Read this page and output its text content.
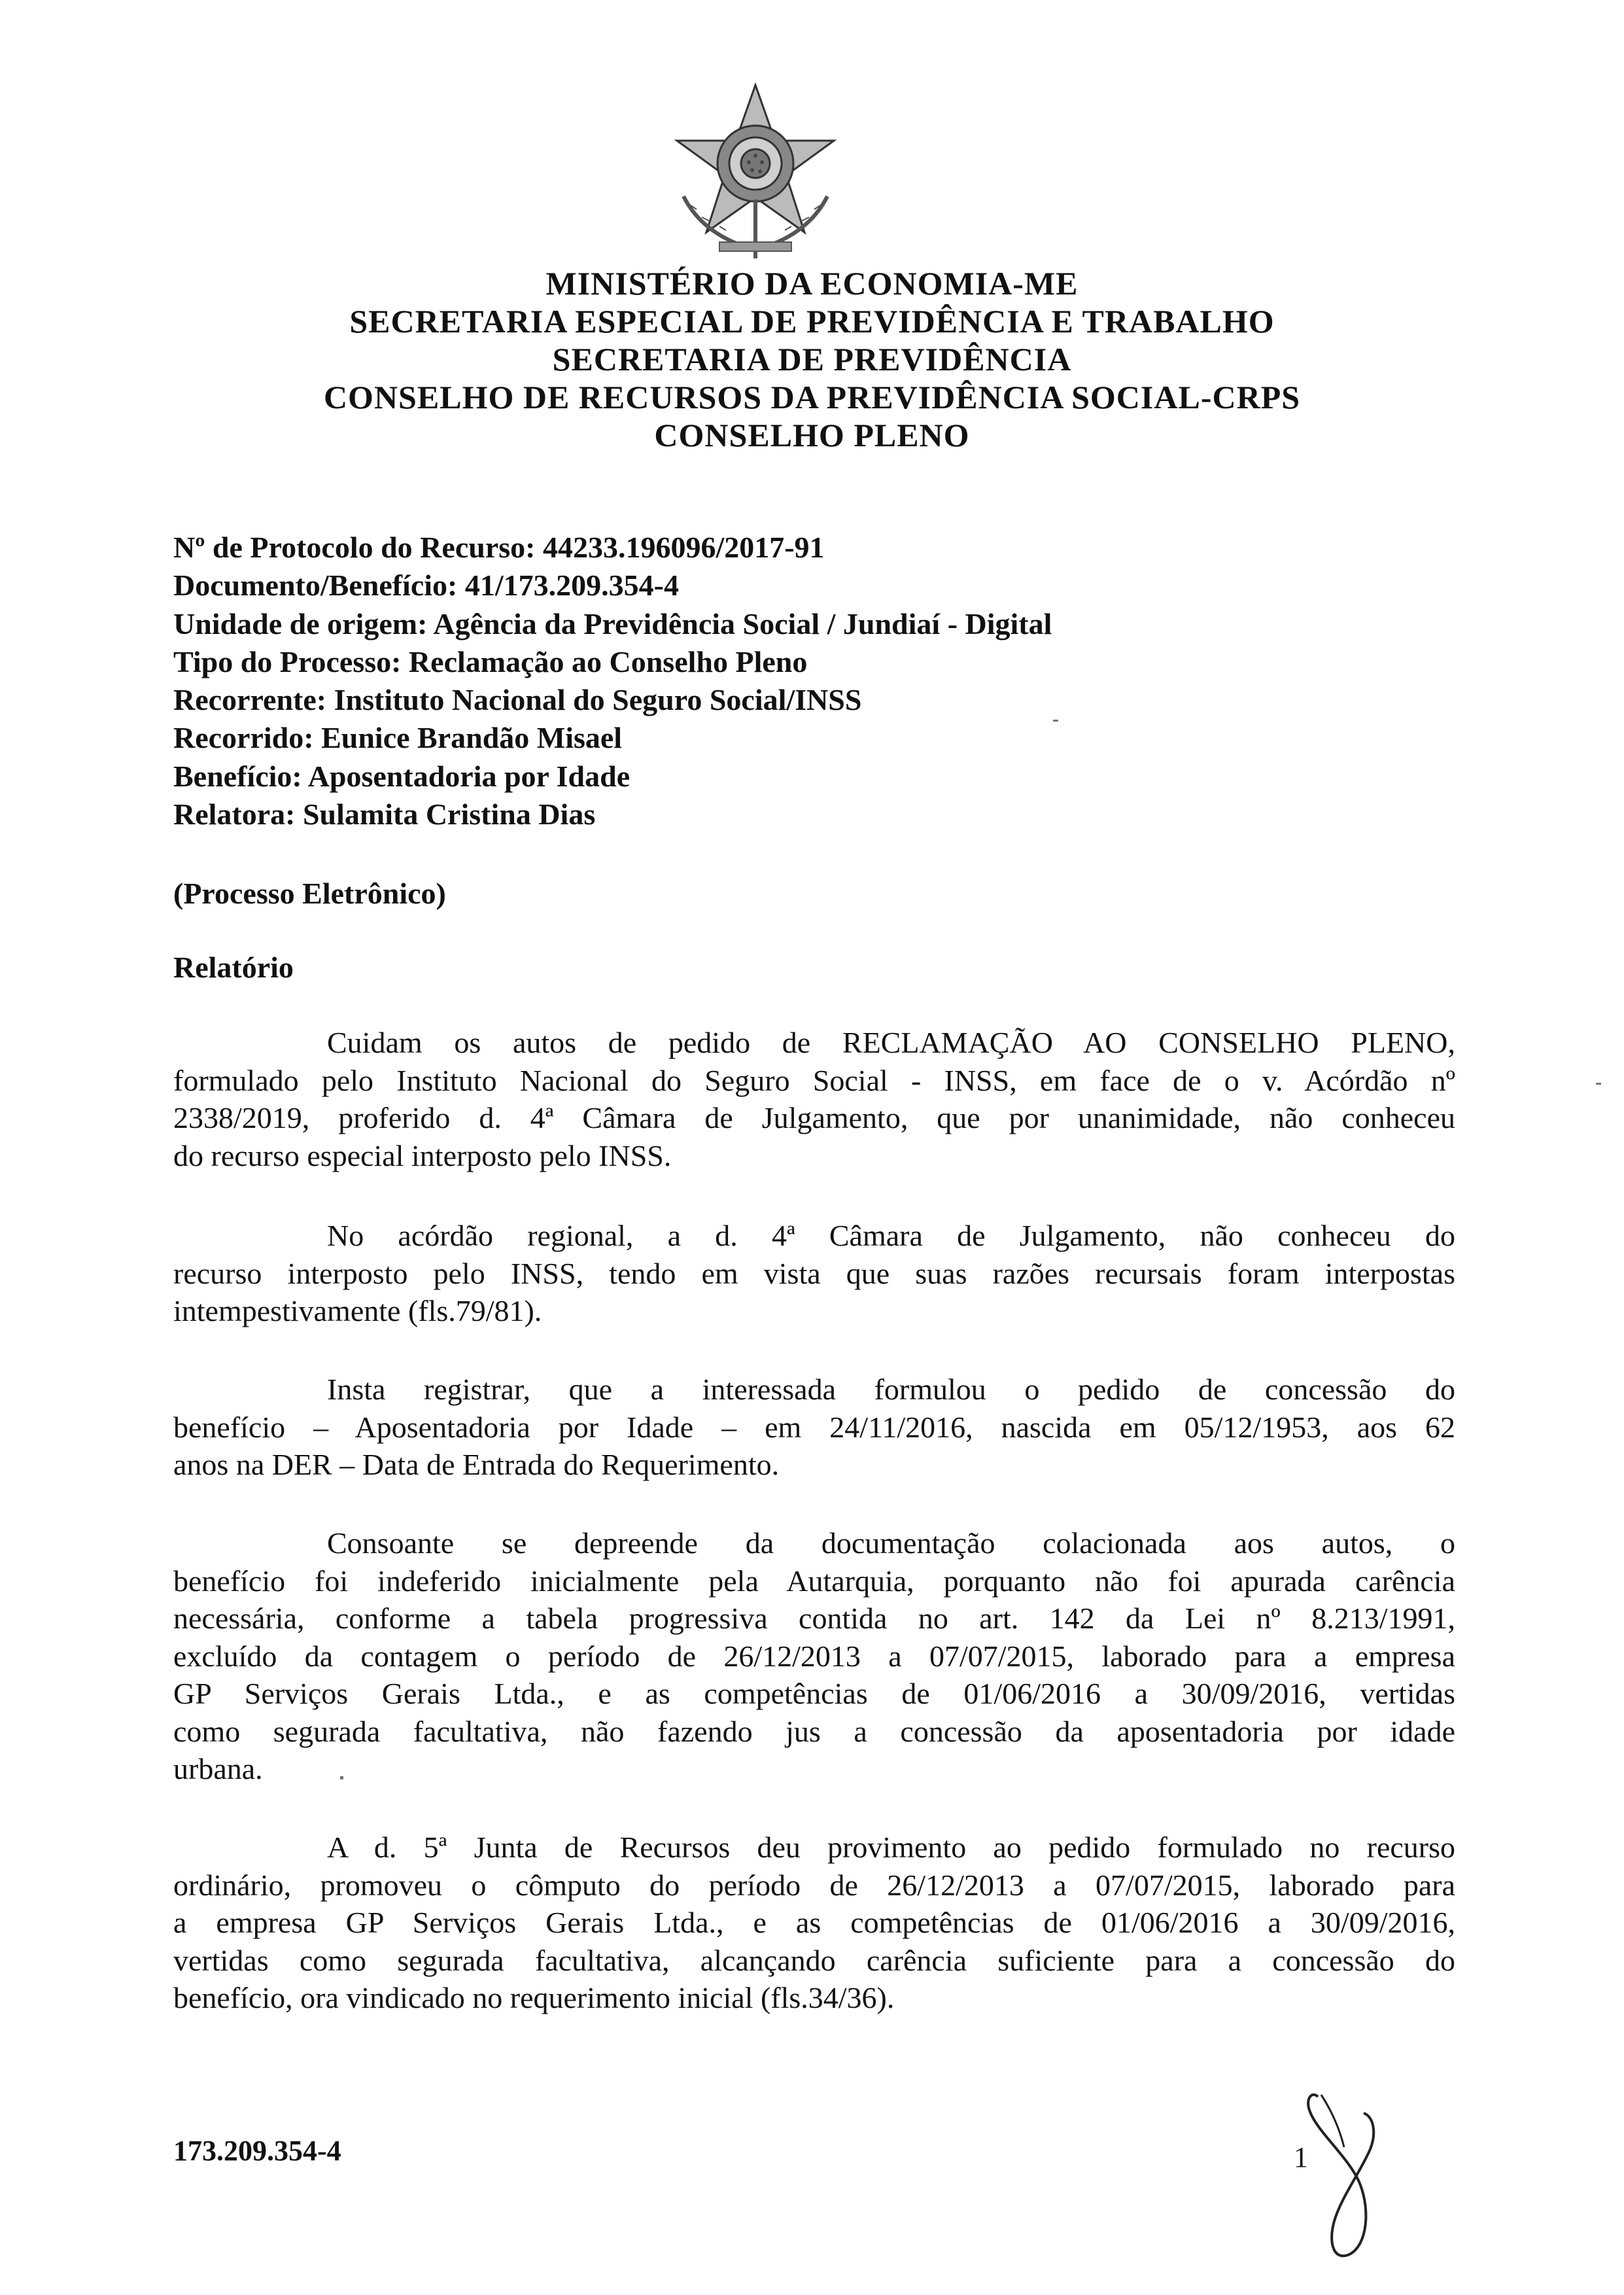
MINISTÉRIO DA ECONOMIA-ME
SECRETARIA ESPECIAL DE PREVIDÊNCIA E TRABALHO
SECRETARIA DE PREVIDÊNCIA
CONSELHO DE RECURSOS DA PREVIDÊNCIA SOCIAL-CRPS
CONSELHO PLENO
Nº de Protocolo do Recurso: 44233.196096/2017-91
Documento/Benefício: 41/173.209.354-4
Unidade de origem: Agência da Previdência Social / Jundiaí - Digital
Tipo do Processo: Reclamação ao Conselho Pleno
Recorrente: Instituto Nacional do Seguro Social/INSS
Recorrido: Eunice Brandão Misael
Benefício: Aposentadoria por Idade
Relatora: Sulamita Cristina Dias
(Processo Eletrônico)
Relatório
Cuidam os autos de pedido de RECLAMAÇÃO AO CONSELHO PLENO,
formulado pelo Instituto Nacional do Seguro Social - INSS, em face de o v. Acórdão nº
2338/2019, proferido d. 4ª Câmara de Julgamento, que por unanimidade, não conheceu
do recurso especial interposto pelo INSS.
No acórdão regional, a d. 4ª Câmara de Julgamento, não conheceu do
recurso interposto pelo INSS, tendo em vista que suas razões recursais foram interpostas
intempestivamente (fls.79/81).
Insta registrar, que a interessada formulou o pedido de concessão do
benefício – Aposentadoria por Idade – em 24/11/2016, nascida em 05/12/1953, aos 62
anos na DER – Data de Entrada do Requerimento.
Consoante se depreende da documentação colacionada aos autos, o
benefício foi indeferido inicialmente pela Autarquia, porquanto não foi apurada carência
necessária, conforme a tabela progressiva contida no art. 142 da Lei nº 8.213/1991,
excluído da contagem o período de 26/12/2013 a 07/07/2015, laborado para a empresa
GP Serviços Gerais Ltda., e as competências de 01/06/2016 a 30/09/2016, vertidas
como segurada facultativa, não fazendo jus a concessão da aposentadoria por idade
urbana.
A d. 5ª Junta de Recursos deu provimento ao pedido formulado no recurso
ordinário, promoveu o cômputo do período de 26/12/2013 a 07/07/2015, laborado para
a empresa GP Serviços Gerais Ltda., e as competências de 01/06/2016 a 30/09/2016,
vertidas como segurada facultativa, alcançando carência suficiente para a concessão do
benefício, ora vindicado no requerimento inicial (fls.34/36).
173.209.354-4	1
